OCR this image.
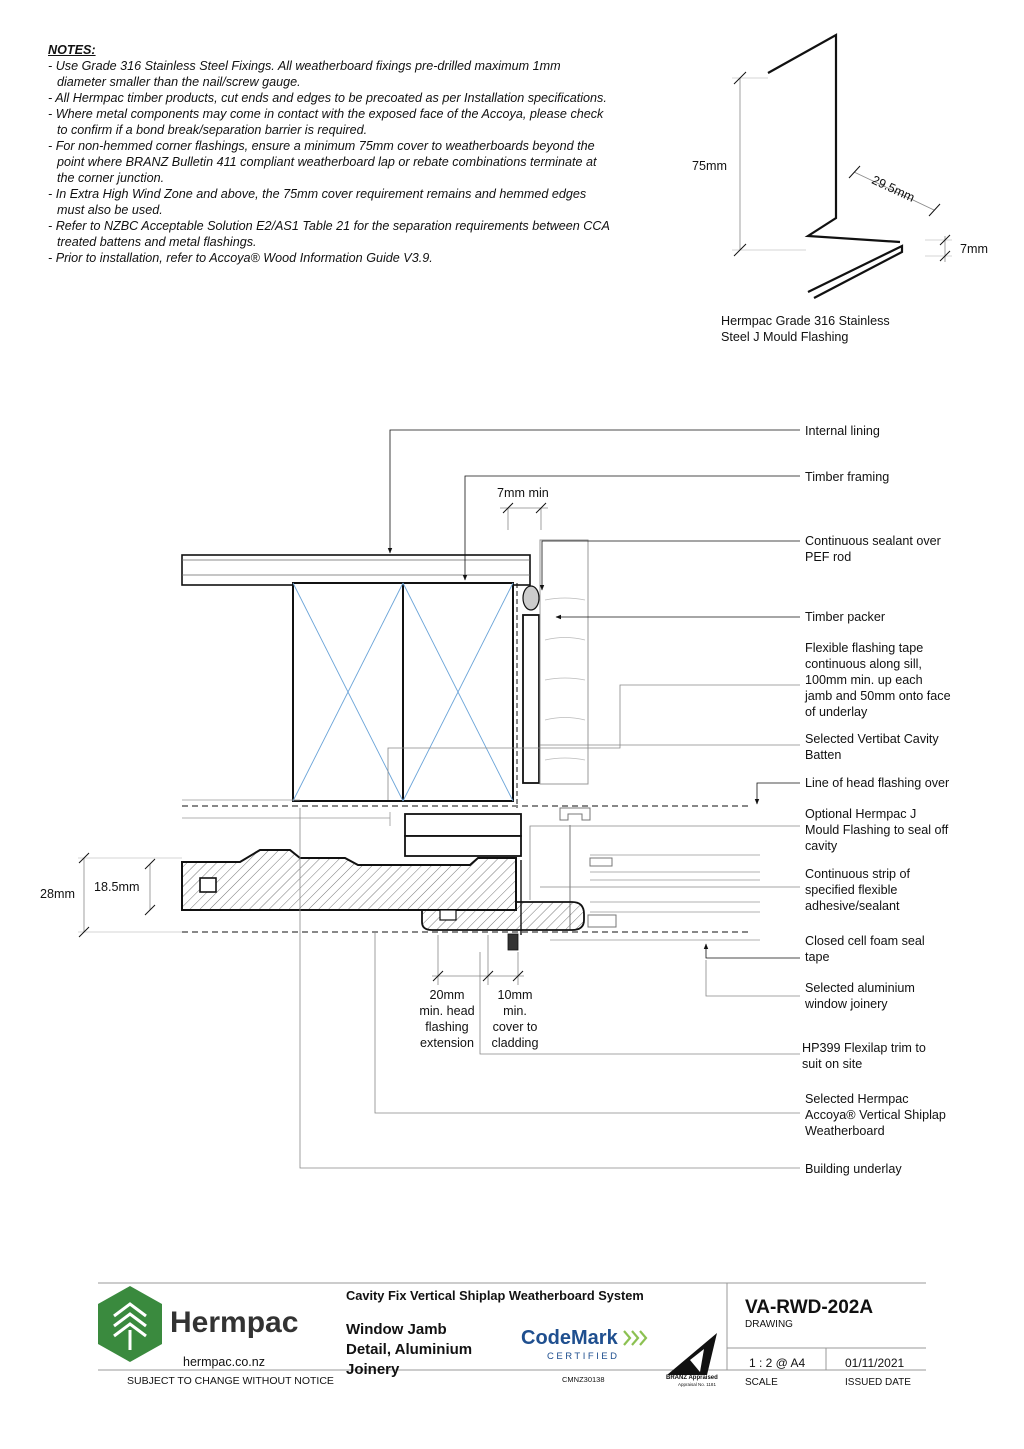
NOTES:
- Use Grade 316 Stainless Steel Fixings. All weatherboard fixings pre-drilled maximum 1mm
diameter smaller than the nail/screw gauge.
- All Hermpac timber products, cut ends and edges to be precoated as per Installation specifications.
- Where metal components may come in contact with the exposed face of the Accoya, please check
to confirm if a bond break/separation barrier is required.
- For non-hemmed corner flashings, ensure a minimum 75mm cover to weatherboards beyond the
point where BRANZ Bulletin 411 compliant weatherboard lap or rebate combinations terminate at
the corner junction.
- In Extra High Wind Zone and above, the 75mm cover requirement remains and hemmed edges
must also be used.
- Refer to NZBC Acceptable Solution E2/AS1 Table 21 for the separation requirements between CCA
treated battens and metal flashings.
- Prior to installation, refer to Accoya® Wood Information Guide V3.9.
75mm
29.5mm
7mm
Hermpac Grade 316 Stainless
Steel J Mould Flashing
7mm min
28mm 18.5mm
20mm
min. head
flashing
extension
10mm
min.
cover to
cladding
Internal lining
Timber framing
Continuous sealant over
PEF rod
Timber packer
Flexible flashing tape
continuous along sill,
100mm min. up each
jamb and 50mm onto face
of underlay
Selected Vertibat Cavity
Batten
Line of head flashing over
Optional Hermpac J
Mould Flashing to seal off
cavity
Continuous strip of
specified flexible
adhesive/sealant
Closed cell foam seal
tape
Selected aluminium
window joinery
HP399 Flexilap trim to
suit on site
Selected Hermpac
Accoya® Vertical Shiplap
Weatherboard
Building underlay
Hermpac
hermpac.co.nz
SUBJECT TO CHANGE WITHOUT NOTICE
Cavity Fix Vertical Shiplap Weatherboard System
Window Jamb
Detail, Aluminium
Joinery
CodeMark
CERTIFIED
CMNZ30138	BRANZ Appraised
Appraisal No. 1181
VA-RWD-202A
DRAWING
1 : 2 @ A4
SCALE
01/11/2021
ISSUED DATE
